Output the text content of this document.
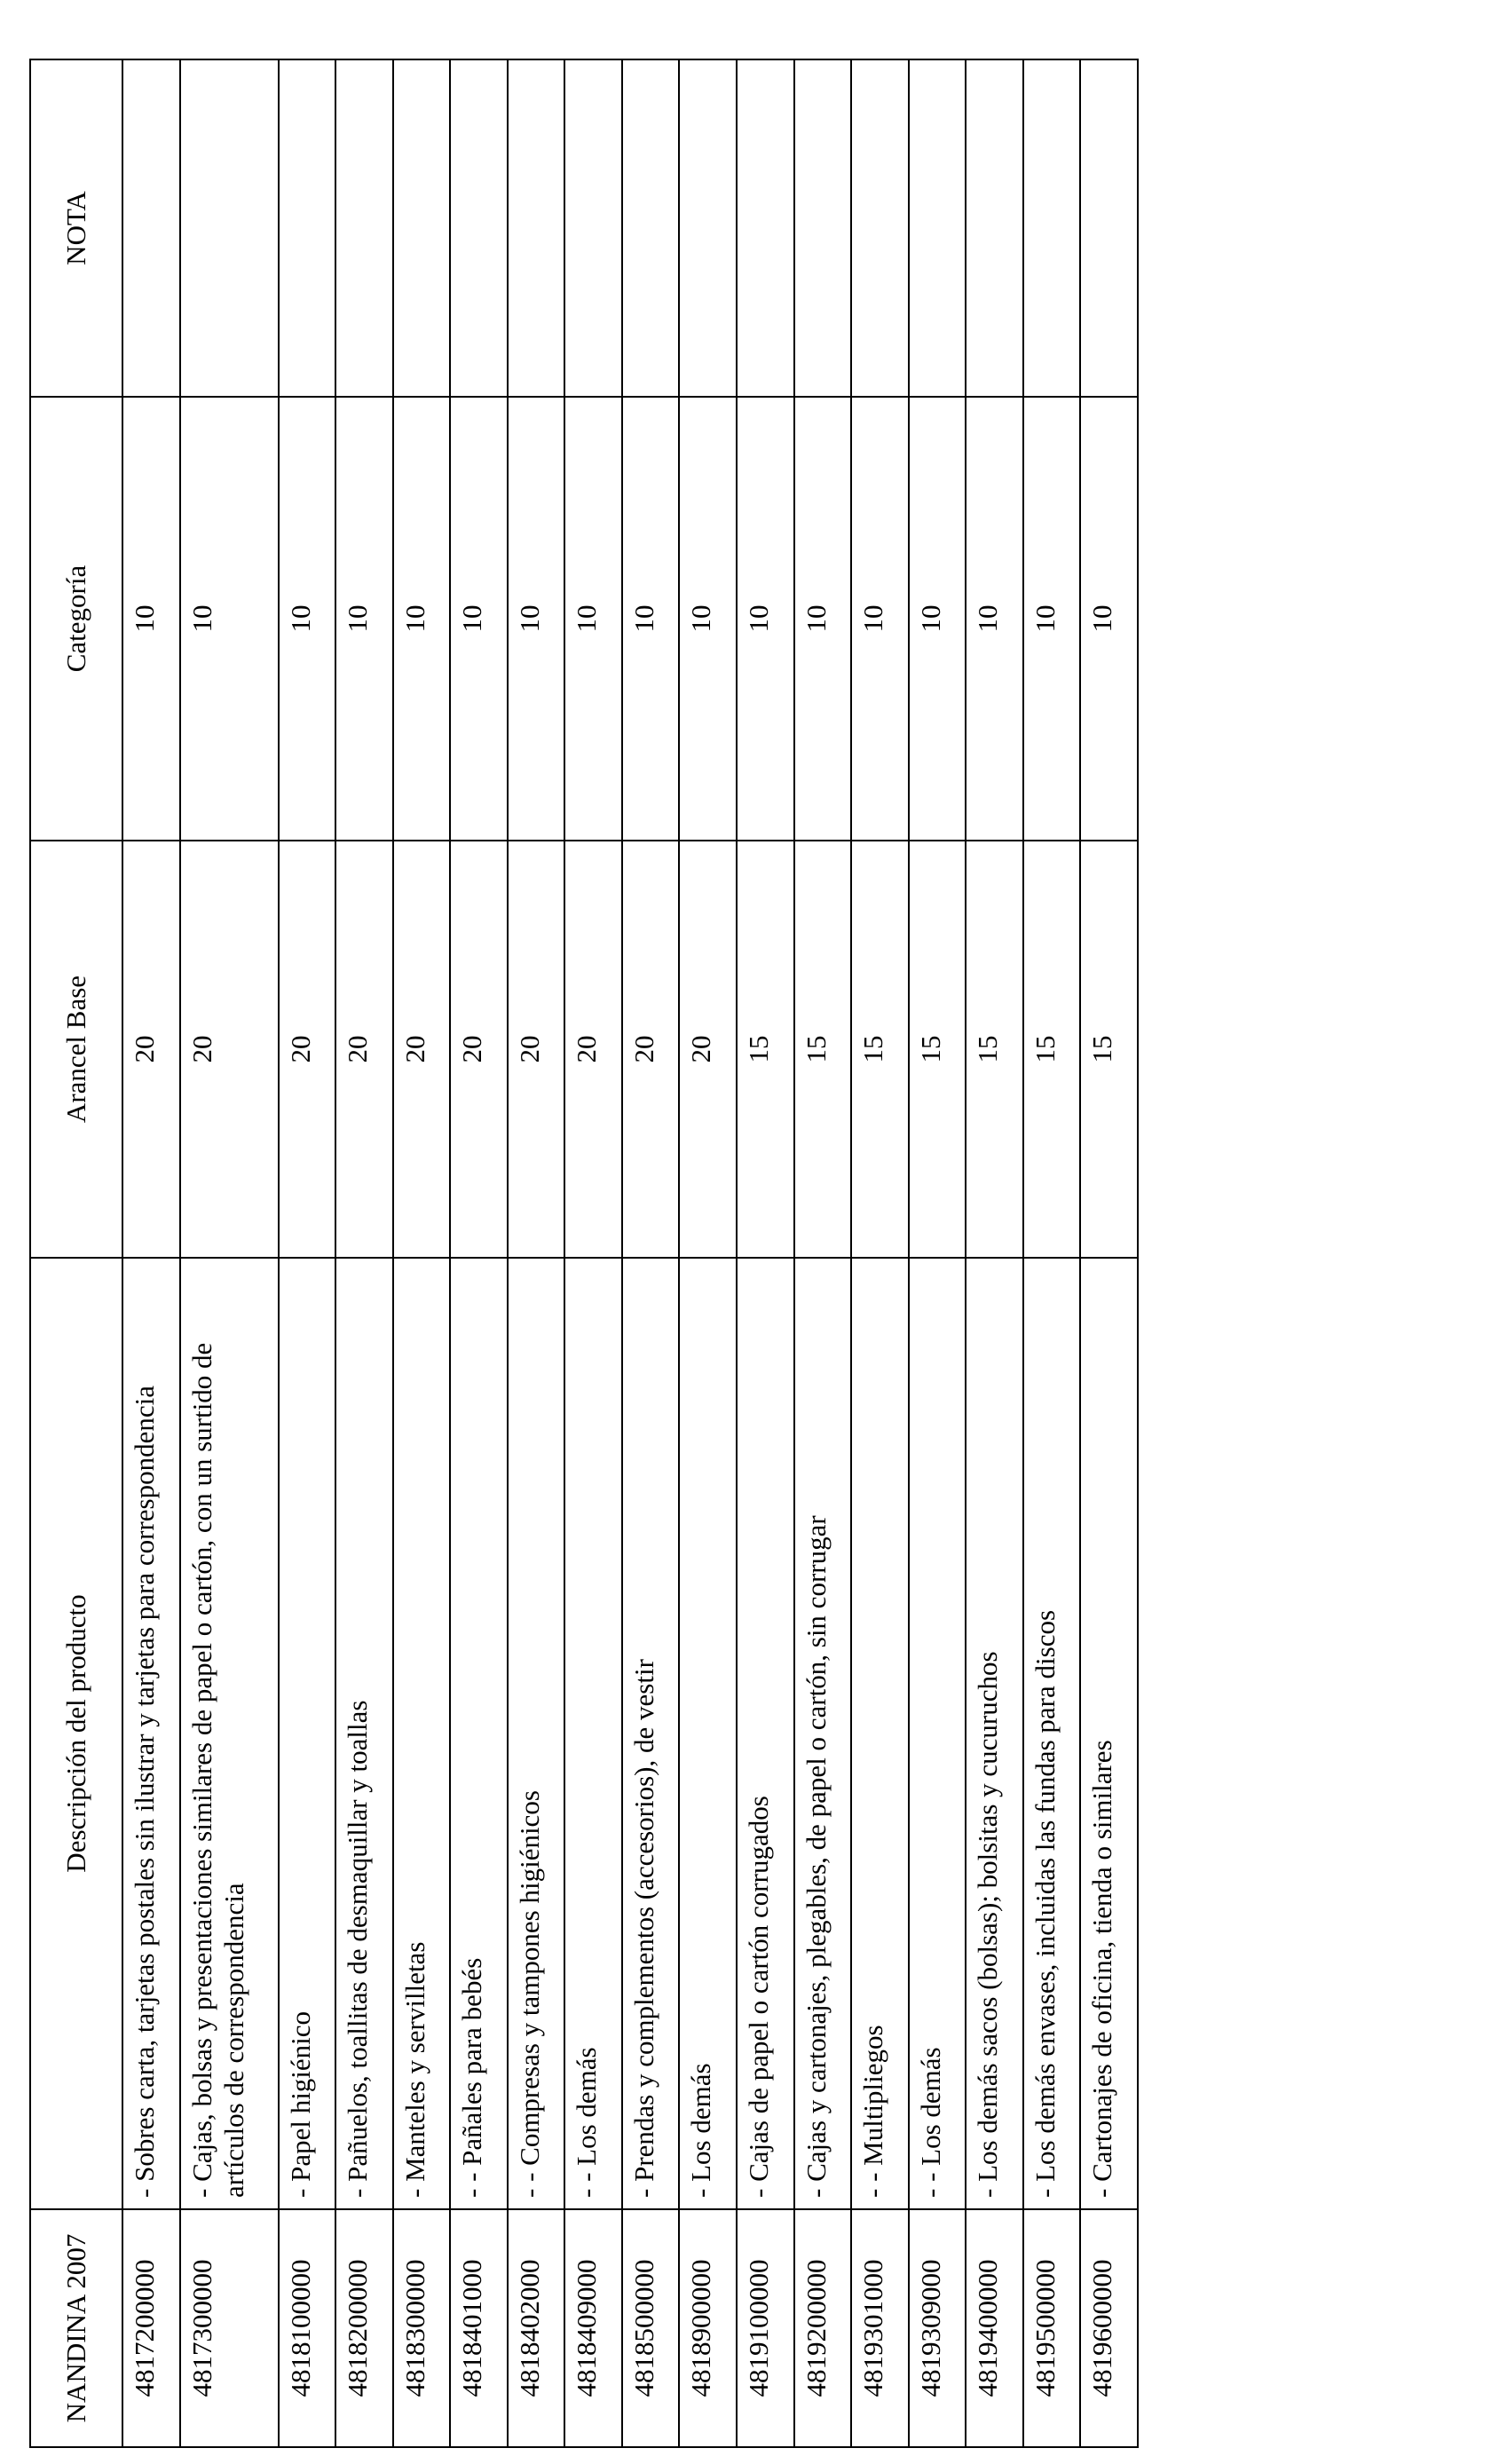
NANDINA 2007	Descripción del producto	Arancel Base	Categoría	NOTA
4817200000	- Sobres carta, tarjetas postales sin ilustrar y tarjetas para correspondencia	20	10	
4817300000	- Cajas, bolsas y presentaciones similares de papel o cartón, con un surtido de artículos de correspondencia	20	10	
4818100000	- Papel higiénico	20	10	
4818200000	- Pañuelos, toallitas de desmaquillar y toallas	20	10	
4818300000	- Manteles y servilletas	20	10	
4818401000	- - Pañales para bebés	20	10	
4818402000	- - Compresas y tampones higiénicos	20	10	
4818409000	- - Los demás	20	10	
4818500000	- Prendas y complementos (accesorios), de vestir	20	10	
4818900000	- Los demás	20	10	
4819100000	- Cajas de papel o cartón corrugados	15	10	
4819200000	- Cajas y cartonajes, plegables, de papel o cartón, sin corrugar	15	10	
4819301000	- - Multipliegos	15	10	
4819309000	- - Los demás	15	10	
4819400000	- Los demás sacos (bolsas); bolsitas y cucuruchos	15	10	
4819500000	- Los demás envases, incluidas las fundas para discos	15	10	
4819600000	- Cartonajes de oficina, tienda o similares	15	10	
